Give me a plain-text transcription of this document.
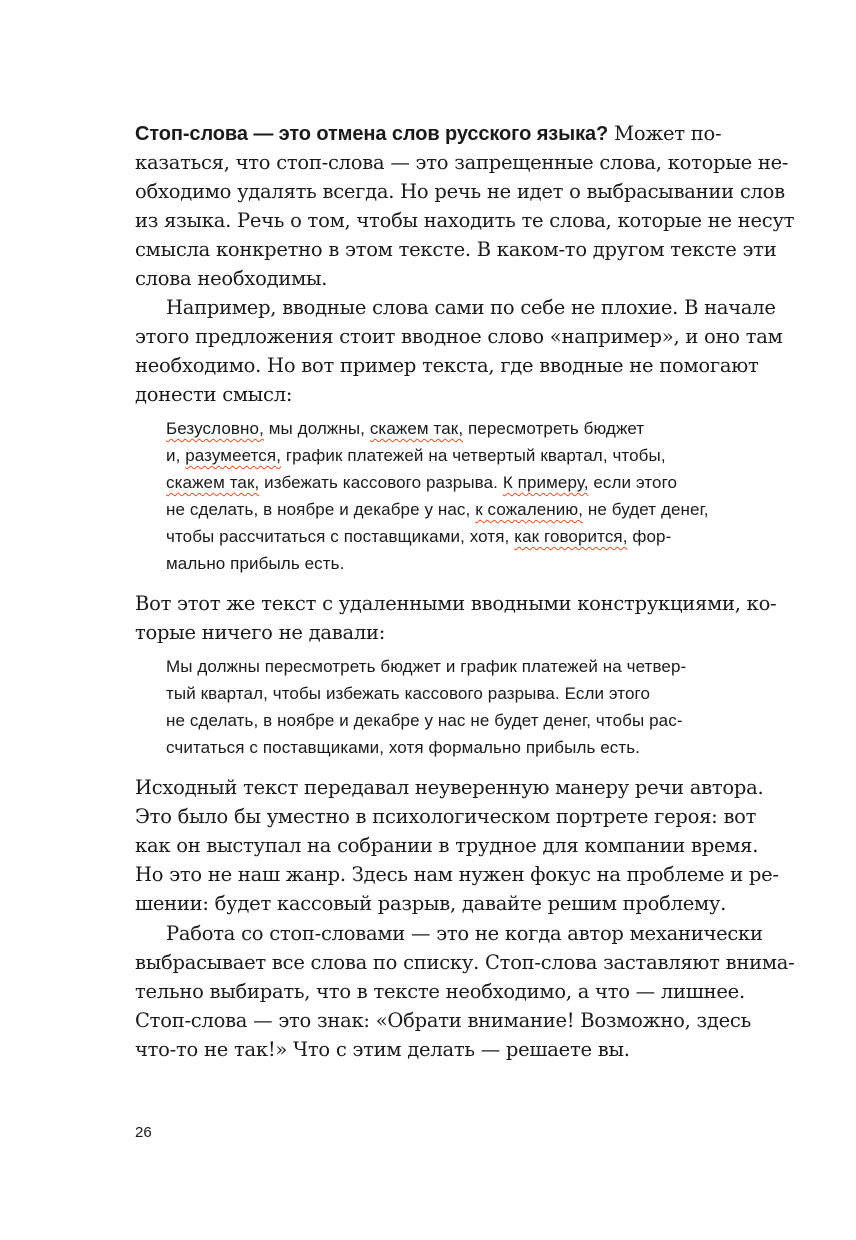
Стоп-слова — это отмена слов русского языка? Может по-
казаться, что стоп-слова — это запрещенные слова, которые не-
обходимо удалять всегда. Но речь не идет о выбрасывании слов
из языка. Речь о том, чтобы находить те слова, которые не несут
смысла конкретно в этом тексте. В каком-то другом тексте эти
слова необходимы.
Например, вводные слова сами по себе не плохие. В начале
этого предложения стоит вводное слово «например», и оно там
необходимо. Но вот пример текста, где вводные не помогают
донести смысл:
Безусловно, мы должны, скажем так, пересмотреть бюджет
и, разумеется, график платежей на четвертый квартал, чтобы,
скажем так, избежать кассового разрыва. К примеру, если этого
не сделать, в ноябре и декабре у нас, к сожалению, не будет денег,
чтобы рассчитаться с поставщиками, хотя, как говорится, фор-
мально прибыль есть.
Вот этот же текст с удаленными вводными конструкциями, ко-
торые ничего не давали:
Мы должны пересмотреть бюджет и график платежей на четвер-
тый квартал, чтобы избежать кассового разрыва. Если этого
не сделать, в ноябре и декабре у нас не будет денег, чтобы рас-
считаться с поставщиками, хотя формально прибыль есть.
Исходный текст передавал неуверенную манеру речи автора.
Это было бы уместно в психологическом портрете героя: вот
как он выступал на собрании в трудное для компании время.
Но это не наш жанр. Здесь нам нужен фокус на проблеме и ре-
шении: будет кассовый разрыв, давайте решим проблему.
Работа со стоп-словами — это не когда автор механически
выбрасывает все слова по списку. Стоп-слова заставляют внима-
тельно выбирать, что в тексте необходимо, а что — лишнее.
Стоп-слова — это знак: «Обрати внимание! Возможно, здесь
что-то не так!» Что с этим делать — решаете вы.
26
